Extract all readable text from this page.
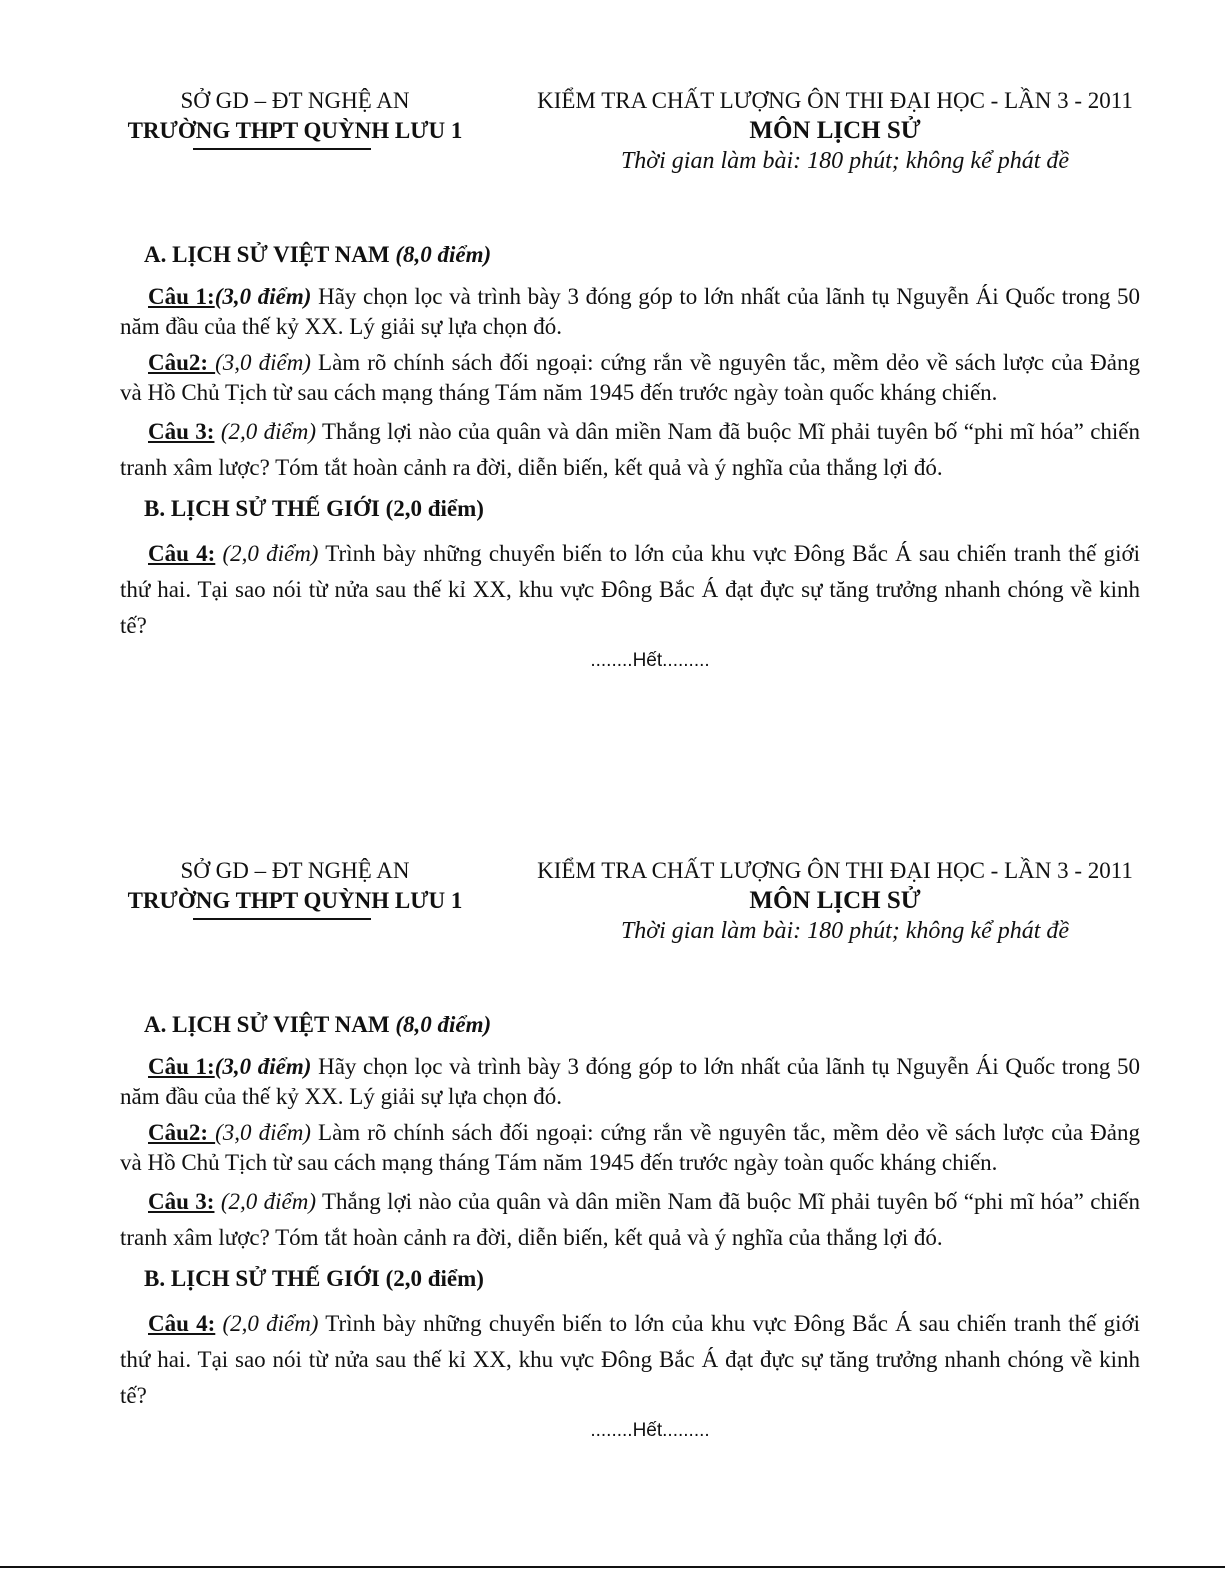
SỞ GD – ĐT NGHỆ AN
TRƯỜNG THPT QUỲNH LƯU 1
KIỂM TRA CHẤT LƯỢNG ÔN THI ĐẠI HỌC - LẦN 3 - 2011
MÔN LỊCH SỬ
Thời gian làm bài: 180 phút; không kể phát đề
A. LỊCH SỬ VIỆT NAM (8,0 điểm)

Câu 1:(3,0 điểm) Hãy chọn lọc và trình bày 3 đóng góp to lớn nhất của lãnh tụ Nguyễn Ái Quốc trong 50 năm đầu của thế kỷ XX. Lý giải sự lựa chọn đó.

Câu2: (3,0 điểm) Làm rõ chính sách đối ngoại: cứng rắn về nguyên tắc, mềm dẻo về sách lược của Đảng và Hồ Chủ Tịch từ sau cách mạng tháng Tám năm 1945 đến trước ngày toàn quốc kháng chiến.

Câu 3: (2,0 điểm) Thắng lợi nào của quân và dân miền Nam đã buộc Mĩ phải tuyên bố “phi mĩ hóa” chiến tranh xâm lược? Tóm tắt hoàn cảnh ra đời, diễn biến, kết quả và ý nghĩa của thắng lợi đó.

B. LỊCH SỬ THẾ GIỚI (2,0 điểm)

Câu 4: (2,0 điểm) Trình bày những chuyển biến to lớn của khu vực Đông Bắc Á sau chiến tranh thế giới thứ hai. Tại sao nói từ nửa sau thế kỉ XX, khu vực Đông Bắc Á đạt đực sự tăng trưởng nhanh chóng về kinh tế?

........Hết.........
SỞ GD – ĐT NGHỆ AN
TRƯỜNG THPT QUỲNH LƯU 1
KIỂM TRA CHẤT LƯỢNG ÔN THI ĐẠI HỌC - LẦN 3 - 2011
MÔN LỊCH SỬ
Thời gian làm bài: 180 phút; không kể phát đề
A. LỊCH SỬ VIỆT NAM (8,0 điểm)

Câu 1:(3,0 điểm) Hãy chọn lọc và trình bày 3 đóng góp to lớn nhất của lãnh tụ Nguyễn Ái Quốc trong 50 năm đầu của thế kỷ XX. Lý giải sự lựa chọn đó.

Câu2: (3,0 điểm) Làm rõ chính sách đối ngoại: cứng rắn về nguyên tắc, mềm dẻo về sách lược của Đảng và Hồ Chủ Tịch từ sau cách mạng tháng Tám năm 1945 đến trước ngày toàn quốc kháng chiến.

Câu 3: (2,0 điểm) Thắng lợi nào của quân và dân miền Nam đã buộc Mĩ phải tuyên bố “phi mĩ hóa” chiến tranh xâm lược? Tóm tắt hoàn cảnh ra đời, diễn biến, kết quả và ý nghĩa của thắng lợi đó.

B. LỊCH SỬ THẾ GIỚI (2,0 điểm)

Câu 4: (2,0 điểm) Trình bày những chuyển biến to lớn của khu vực Đông Bắc Á sau chiến tranh thế giới thứ hai. Tại sao nói từ nửa sau thế kỉ XX, khu vực Đông Bắc Á đạt đực sự tăng trưởng nhanh chóng về kinh tế?

........Hết.........
